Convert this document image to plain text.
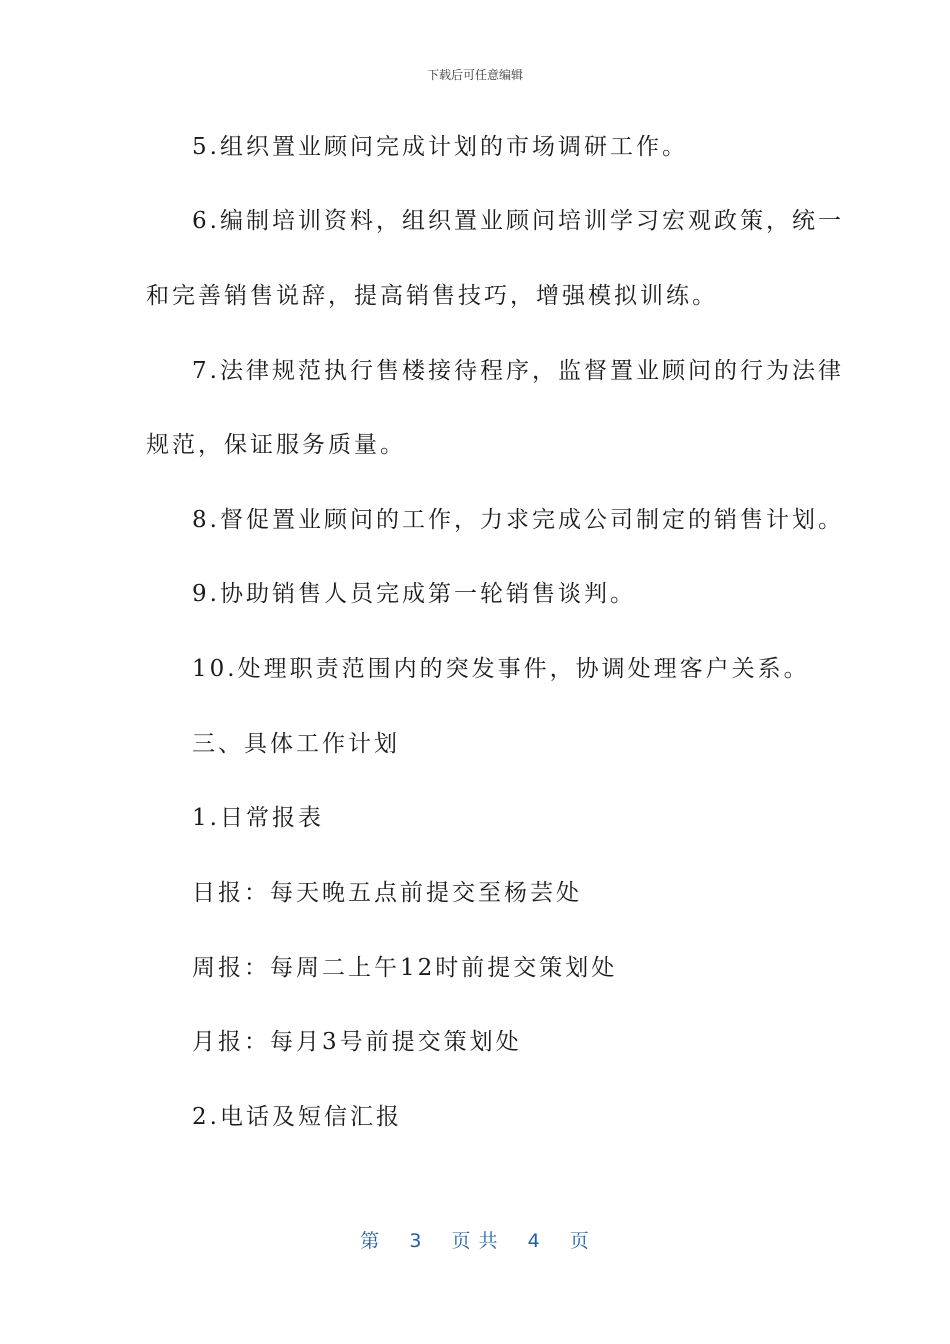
下载后可任意编辑
5.组织置业顾问完成计划的市场调研工作。
6.编制培训资料，组织置业顾问培训学习宏观政策，统一
和完善销售说辞，提高销售技巧，增强模拟训练。
7.法律规范执行售楼接待程序，监督置业顾问的行为法律
规范，保证服务质量。
8.督促置业顾问的工作，力求完成公司制定的销售计划。
9.协助销售人员完成第一轮销售谈判。
10.处理职责范围内的突发事件，协调处理客户关系。
三、具体工作计划
1.日常报表
日报：每天晚五点前提交至杨芸处
周报：每周二上午12时前提交策划处
月报：每月3号前提交策划处
2.电话及短信汇报
第 3 页 共 4 页
